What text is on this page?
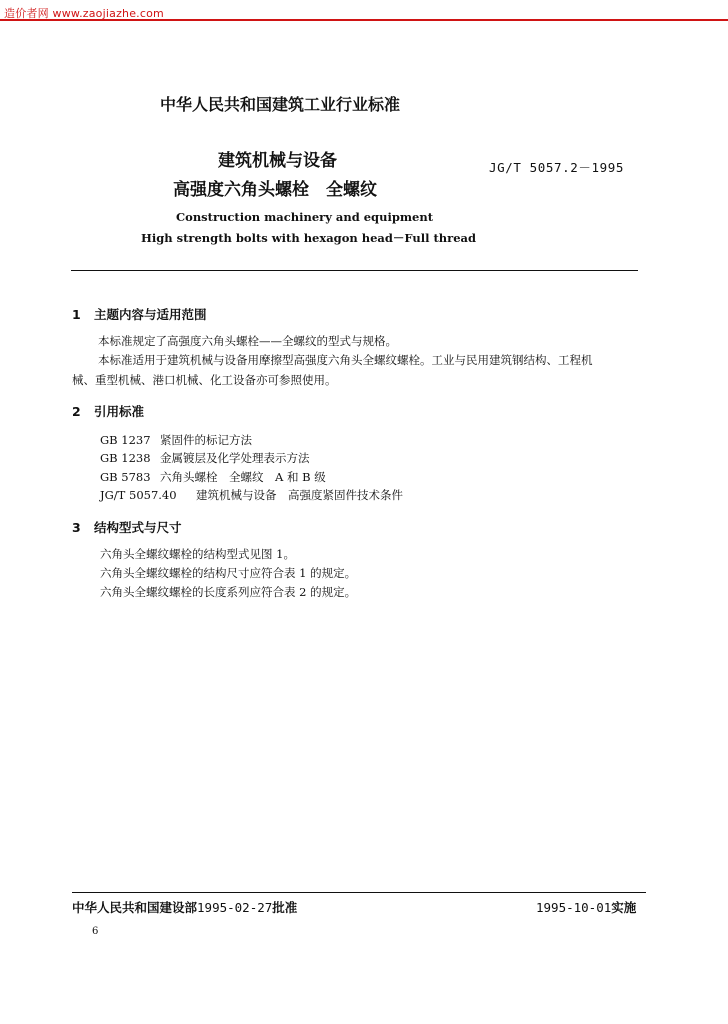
造价者网 www.zaojiazhe.com
中华人民共和国建筑工业行业标准
建筑机械与设备
高强度六角头螺栓　全螺纹
JG/T 5057.2－1995
Construction machinery and equipment
High strength bolts with hexagon head－Full thread
1 主题内容与适用范围
本标准规定了高强度六角头螺栓——全螺纹的型式与规格。
本标准适用于建筑机械与设备用摩擦型高强度六角头全螺纹螺栓。工业与民用建筑钢结构、工程机
械、重型机械、港口机械、化工设备亦可参照使用。
2 引用标准
GB 1237 紧固件的标记方法
GB 1238 金属镀层及化学处理表示方法
GB 5783 六角头螺栓　全螺纹　A 和 B 级
JG/T 5057.40 建筑机械与设备　高强度紧固件技术条件
3 结构型式与尺寸
六角头全螺纹螺栓的结构型式见图 1。
六角头全螺纹螺栓的结构尺寸应符合表 1 的规定。
六角头全螺纹螺栓的长度系列应符合表 2 的规定。
中华人民共和国建设部1995-02-27批准	1995-10-01实施
6
